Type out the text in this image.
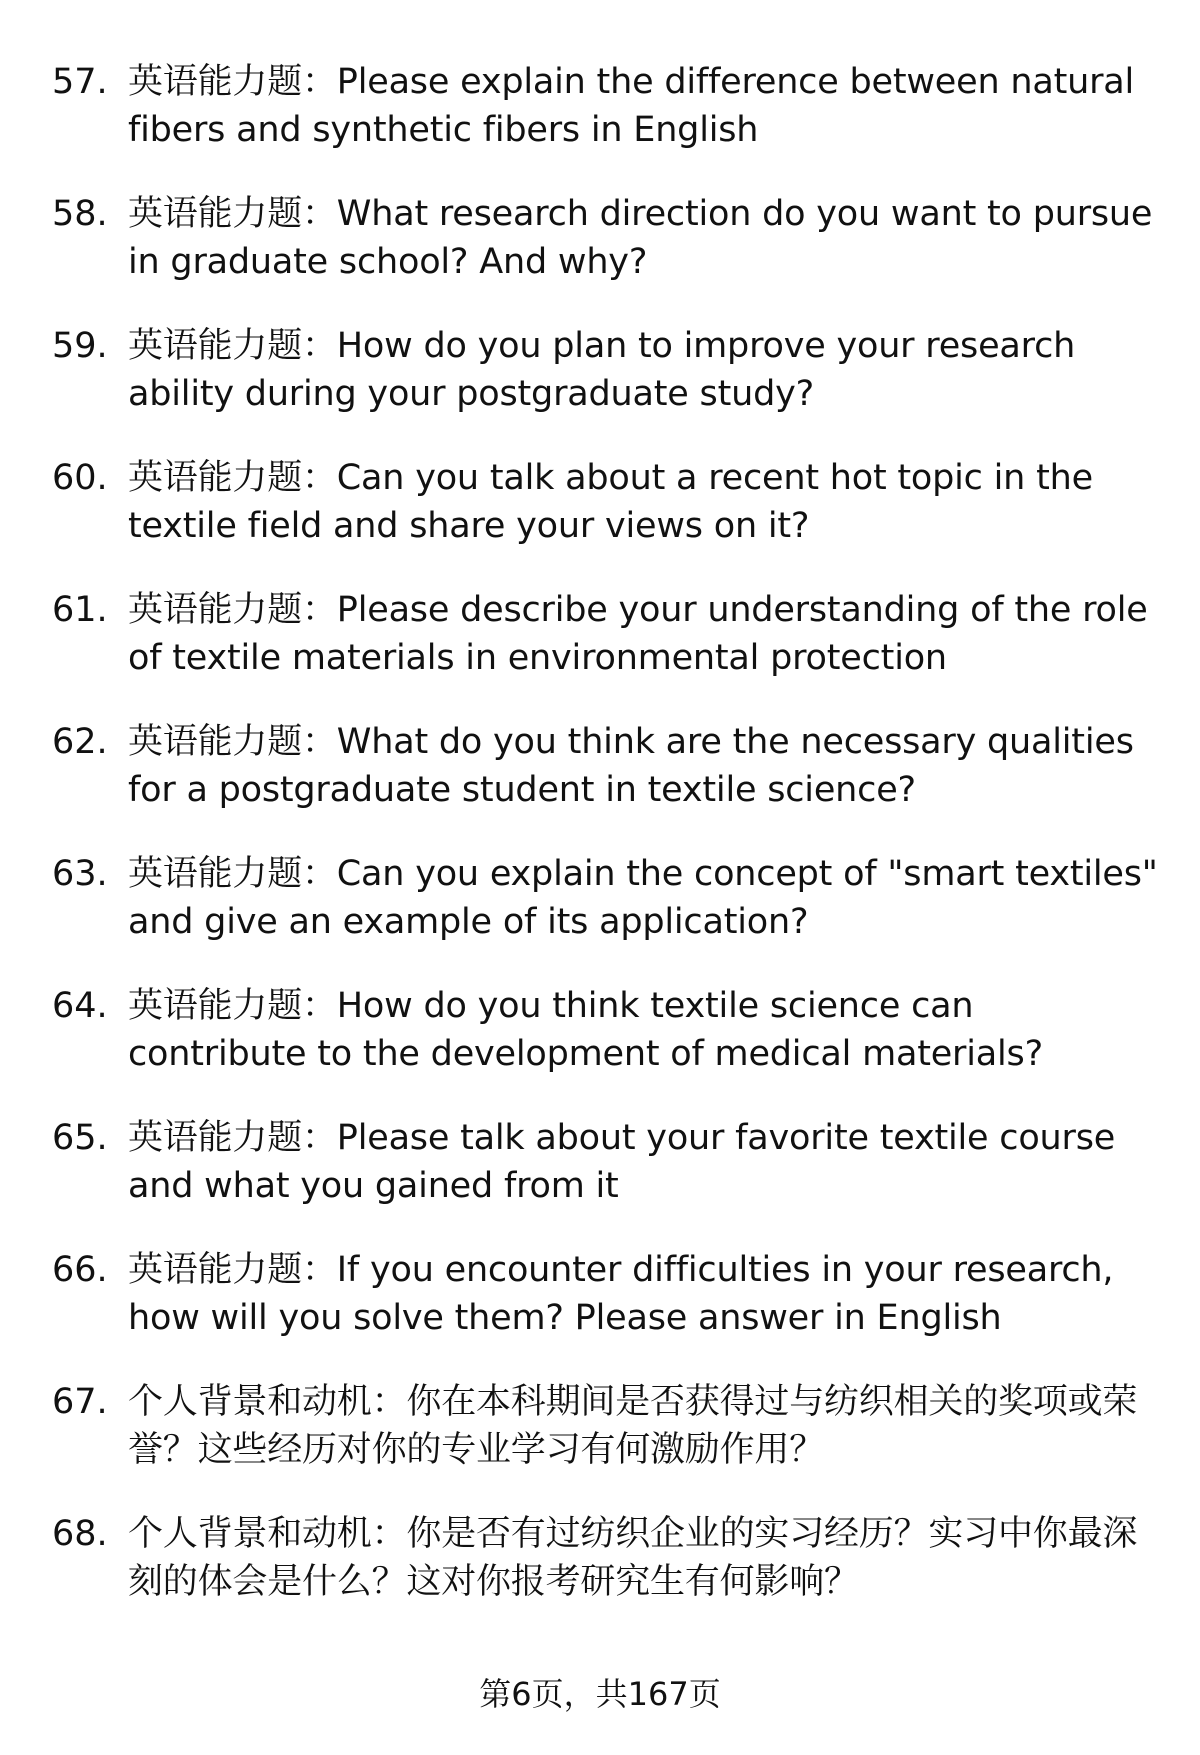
57. 英语能力题：Please explain the difference between natural fibers and synthetic fibers in English
58. 英语能力题：What research direction do you want to pursue in graduate school? And why?
59. 英语能力题：How do you plan to improve your research ability during your postgraduate study?
60. 英语能力题：Can you talk about a recent hot topic in the textile field and share your views on it?
61. 英语能力题：Please describe your understanding of the role of textile materials in environmental protection
62. 英语能力题：What do you think are the necessary qualities for a postgraduate student in textile science?
63. 英语能力题：Can you explain the concept of "smart textiles" and give an example of its application?
64. 英语能力题：How do you think textile science can contribute to the development of medical materials?
65. 英语能力题：Please talk about your favorite textile course and what you gained from it
66. 英语能力题：If you encounter difficulties in your research, how will you solve them? Please answer in English
67. 个人背景和动机：你在本科期间是否获得过与纺织相关的奖项或荣誉？这些经历对你的专业学习有何激励作用？
68. 个人背景和动机：你是否有过纺织企业的实习经历？实习中你最深刻的体会是什么？这对你报考研究生有何影响？
第6页，共167页
